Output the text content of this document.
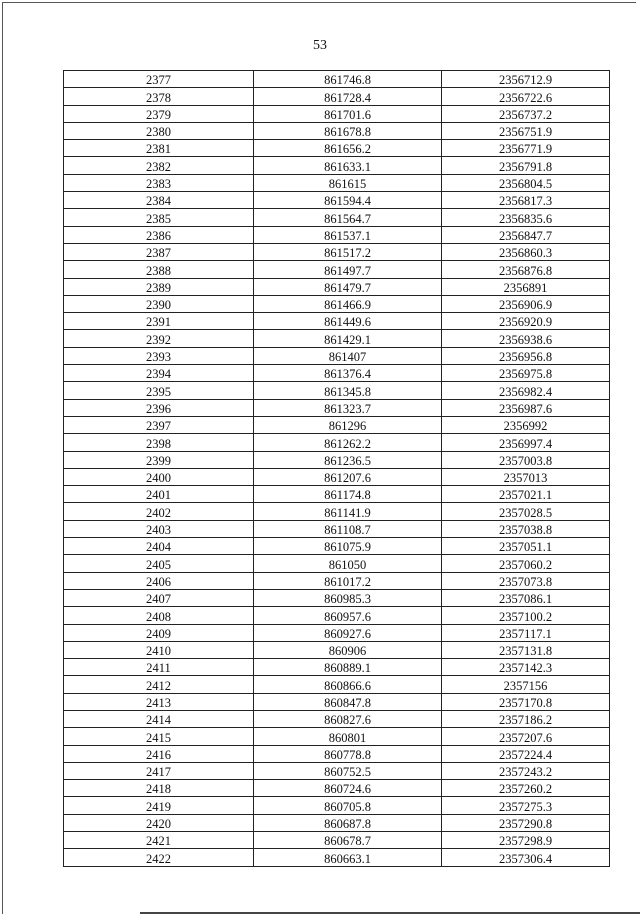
53
2377	861746.8	2356712.9
2378	861728.4	2356722.6
2379	861701.6	2356737.2
2380	861678.8	2356751.9
2381	861656.2	2356771.9
2382	861633.1	2356791.8
2383	861615	2356804.5
2384	861594.4	2356817.3
2385	861564.7	2356835.6
2386	861537.1	2356847.7
2387	861517.2	2356860.3
2388	861497.7	2356876.8
2389	861479.7	2356891
2390	861466.9	2356906.9
2391	861449.6	2356920.9
2392	861429.1	2356938.6
2393	861407	2356956.8
2394	861376.4	2356975.8
2395	861345.8	2356982.4
2396	861323.7	2356987.6
2397	861296	2356992
2398	861262.2	2356997.4
2399	861236.5	2357003.8
2400	861207.6	2357013
2401	861174.8	2357021.1
2402	861141.9	2357028.5
2403	861108.7	2357038.8
2404	861075.9	2357051.1
2405	861050	2357060.2
2406	861017.2	2357073.8
2407	860985.3	2357086.1
2408	860957.6	2357100.2
2409	860927.6	2357117.1
2410	860906	2357131.8
2411	860889.1	2357142.3
2412	860866.6	2357156
2413	860847.8	2357170.8
2414	860827.6	2357186.2
2415	860801	2357207.6
2416	860778.8	2357224.4
2417	860752.5	2357243.2
2418	860724.6	2357260.2
2419	860705.8	2357275.3
2420	860687.8	2357290.8
2421	860678.7	2357298.9
2422	860663.1	2357306.4
